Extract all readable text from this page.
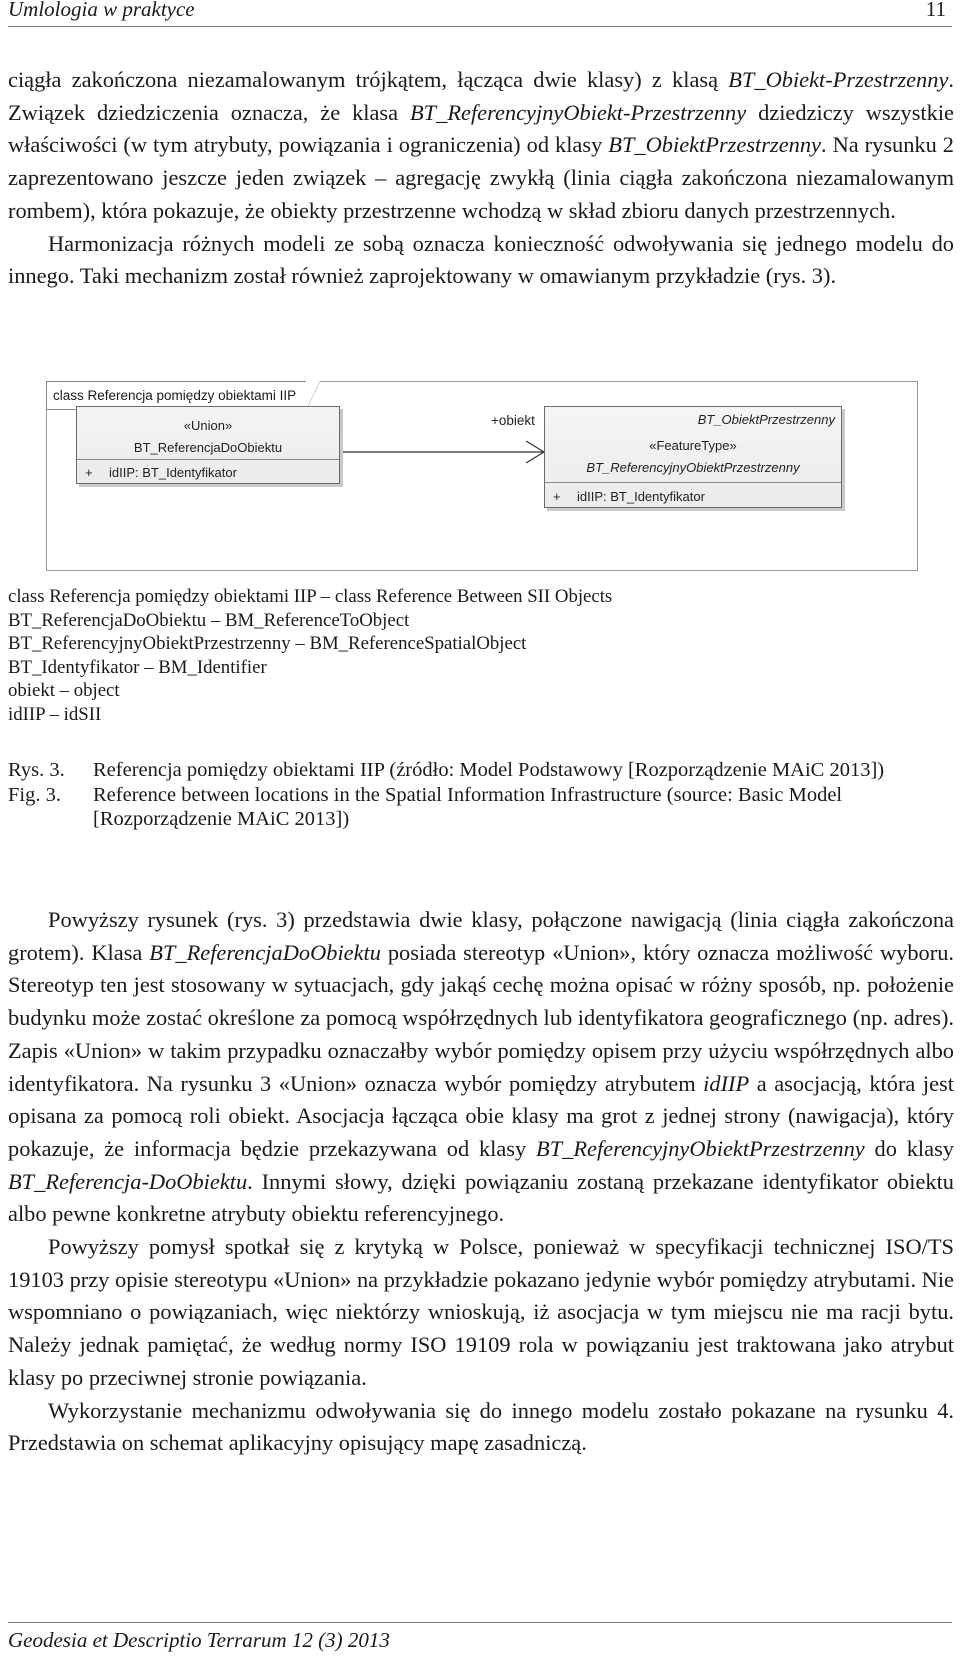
Umlologia w praktyce	11

ciągła zakończona niezamalowanym trójkątem, łącząca dwie klasy) z klasą BT_Obiekt-Przestrzenny. Związek dziedziczenia oznacza, że klasa BT_ReferencyjnyObiekt-Przestrzenny dziedziczy wszystkie właściwości (w tym atrybuty, powiązania i ograniczenia) od klasy BT_ObiektPrzestrzenny. Na rysunku 2 zaprezentowano jeszcze jeden związek – agregację zwykłą (linia ciągła zakończona niezamalowanym rombem), która pokazuje, że obiekty przestrzenne wchodzą w skład zbioru danych przestrzennych.

Harmonizacja różnych modeli ze sobą oznacza konieczność odwoływania się jednego modelu do innego. Taki mechanizm został również zaprojektowany w omawianym przykładzie (rys. 3).

class Referencja pomiędzy obiektami IIP
«Union»
BT_ReferencjaDoObiektu
+ idIIP: BT_Identyfikator
+obiekt	BT_ObiektPrzestrzenny
«FeatureType»
BT_ReferencyjnyObiektPrzestrzenny
+ idIIP: BT_Identyfikator
class Referencja pomiędzy obiektami IIP – class Reference Between SII Objects
BT_ReferencjaDoObiektu – BM_ReferenceToObject
BT_ReferencyjnyObiektPrzestrzenny – BM_ReferenceSpatialObject
BT_Identyfikator – BM_Identifier
obiekt – object
idIIP – idSII
Rys. 3. Referencja pomiędzy obiektami IIP (źródło: Model Podstawowy [Rozporządzenie MAiC 2013])
Fig. 3. Reference between locations in the Spatial Information Infrastructure (source: Basic Model [Rozporządzenie MAiC 2013])

Powyższy rysunek (rys. 3) przedstawia dwie klasy, połączone nawigacją (linia ciągła zakończona grotem). Klasa BT_ReferencjaDoObiektu posiada stereotyp «Union», który oznacza możliwość wyboru. Stereotyp ten jest stosowany w sytuacjach, gdy jakąś cechę można opisać w różny sposób, np. położenie budynku może zostać określone za pomocą współrzędnych lub identyfikatora geograficznego (np. adres). Zapis «Union» w takim przypadku oznaczałby wybór pomiędzy opisem przy użyciu współrzędnych albo identyfikatora. Na rysunku 3 «Union» oznacza wybór pomiędzy atrybutem idIIP a asocjacją, która jest opisana za pomocą roli obiekt. Asocjacja łącząca obie klasy ma grot z jednej strony (nawigacja), który pokazuje, że informacja będzie przekazywana od klasy BT_ReferencyjnyObiektPrzestrzenny do klasy BT_Referencja-DoObiektu. Innymi słowy, dzięki powiązaniu zostaną przekazane identyfikator obiektu albo pewne konkretne atrybuty obiektu referencyjnego.

Powyższy pomysł spotkał się z krytyką w Polsce, ponieważ w specyfikacji technicznej ISO/TS 19103 przy opisie stereotypu «Union» na przykładzie pokazano jedynie wybór pomiędzy atrybutami. Nie wspomniano o powiązaniach, więc niektórzy wnioskują, iż asocjacja w tym miejscu nie ma racji bytu. Należy jednak pamiętać, że według normy ISO 19109 rola w powiązaniu jest traktowana jako atrybut klasy po przeciwnej stronie powiązania.

Wykorzystanie mechanizmu odwoływania się do innego modelu zostało pokazane na rysunku 4. Przedstawia on schemat aplikacyjny opisujący mapę zasadniczą.

Geodesia et Descriptio Terrarum 12 (3) 2013
